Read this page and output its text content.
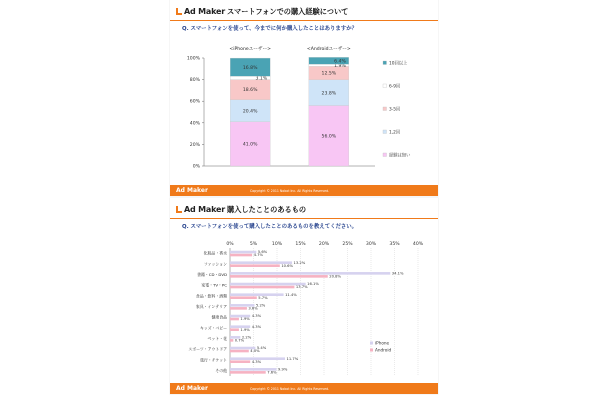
Ad Maker スマートフォンでの購入経験について
Q. スマートフォンを使って、今までに何か購入したことはありますか？
0%
20%
40%
60%
80%
100%
<iPhoneユーザー>
41.0%
20.4%
18.6%
3.1%
16.8%
<Androidユーザー>
56.0%
23.8%
12.5%
1.9%
6.4%	10回以上
6-9回
3-5回
1,2回
経験は無い
Ad Maker	Copyright © 2011 Nobot Inc. All Rights Reserved.
Ad Maker 購入したことのあるもの
Q. スマートフォンを使って購入したことのあるものを教えてください。
0%	5%	10%	15%	20%	25%	30%	35%	40%
化粧品・香水	5.6%
4.7%
ファッション	13.2%
10.6%
書籍・CD・DVD	34.1%
20.8%
家電・TV・PC	16.1%
13.7%
食品・飲料・酒類	11.4%
5.7%
家具・インテリア	5.2%
3.6%
健康食品	4.3%
1.9%
キッズ・ベビー	4.3%
1.9%
ペット・花	2.2%
0.7%
スポーツ・アウトドア	5.4%
4.0%
旅行・チケット	11.7%
4.3%
その他	9.9%
7.6%
iPhone
Android
Ad Maker	Copyright © 2011 Nobot Inc. All Rights Reserved.
